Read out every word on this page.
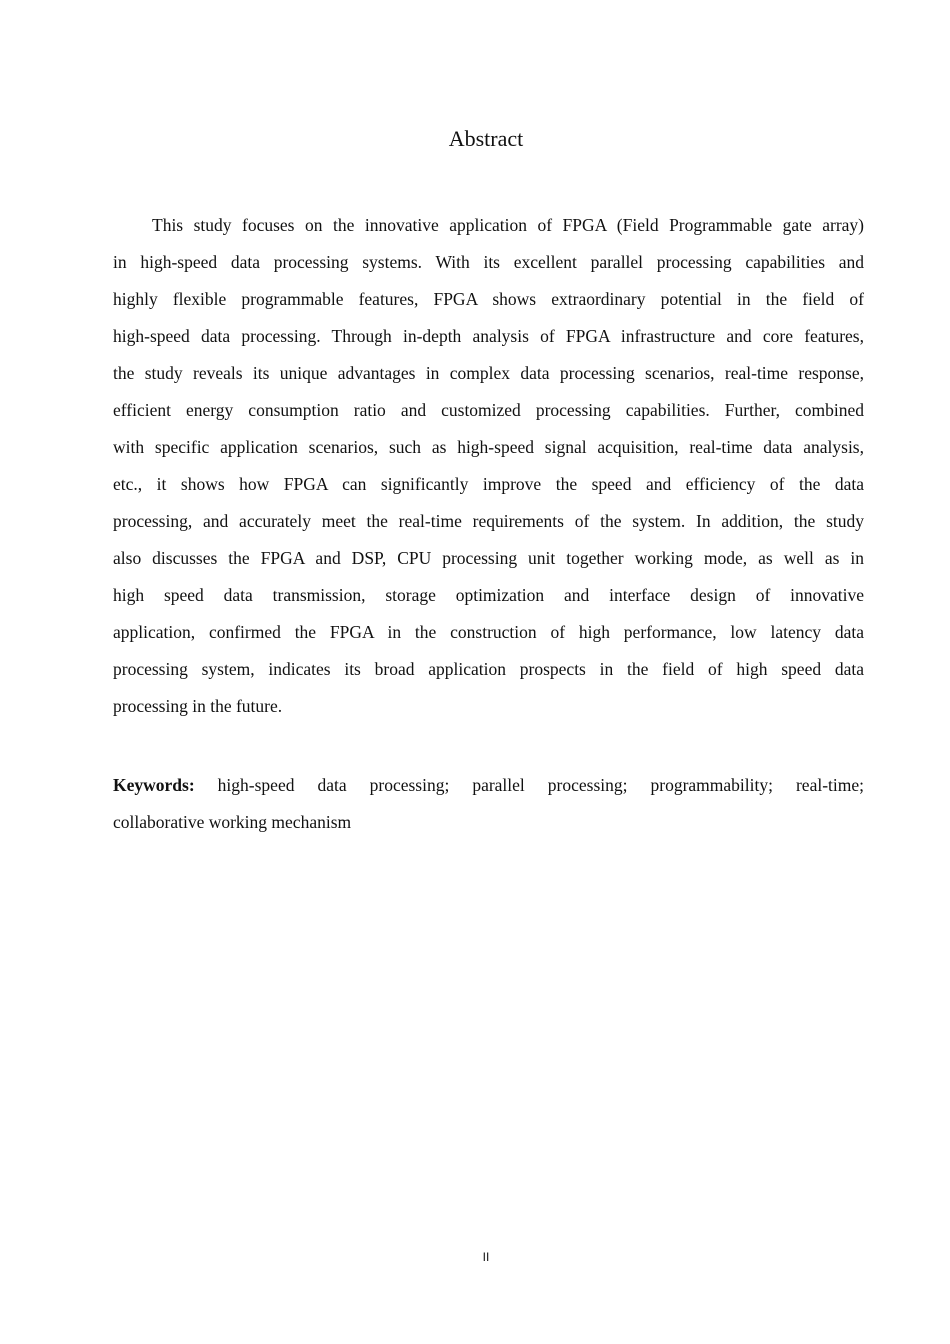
Abstract
This study focuses on the innovative application of FPGA (Field Programmable gate array)
in high-speed data processing systems. With its excellent parallel processing capabilities and
highly flexible programmable features, FPGA shows extraordinary potential in the field of
high-speed data processing. Through in-depth analysis of FPGA infrastructure and core features,
the study reveals its unique advantages in complex data processing scenarios, real-time response,
efficient energy consumption ratio and customized processing capabilities. Further, combined
with specific application scenarios, such as high-speed signal acquisition, real-time data analysis,
etc., it shows how FPGA can significantly improve the speed and efficiency of the data
processing, and accurately meet the real-time requirements of the system. In addition, the study
also discusses the FPGA and DSP, CPU processing unit together working mode, as well as in
high speed data transmission, storage optimization and interface design of innovative
application, confirmed the FPGA in the construction of high performance, low latency data
processing system, indicates its broad application prospects in the field of high speed data
processing in the future.
Keywords: high-speed data processing; parallel processing; programmability; real-time;
collaborative working mechanism
II
